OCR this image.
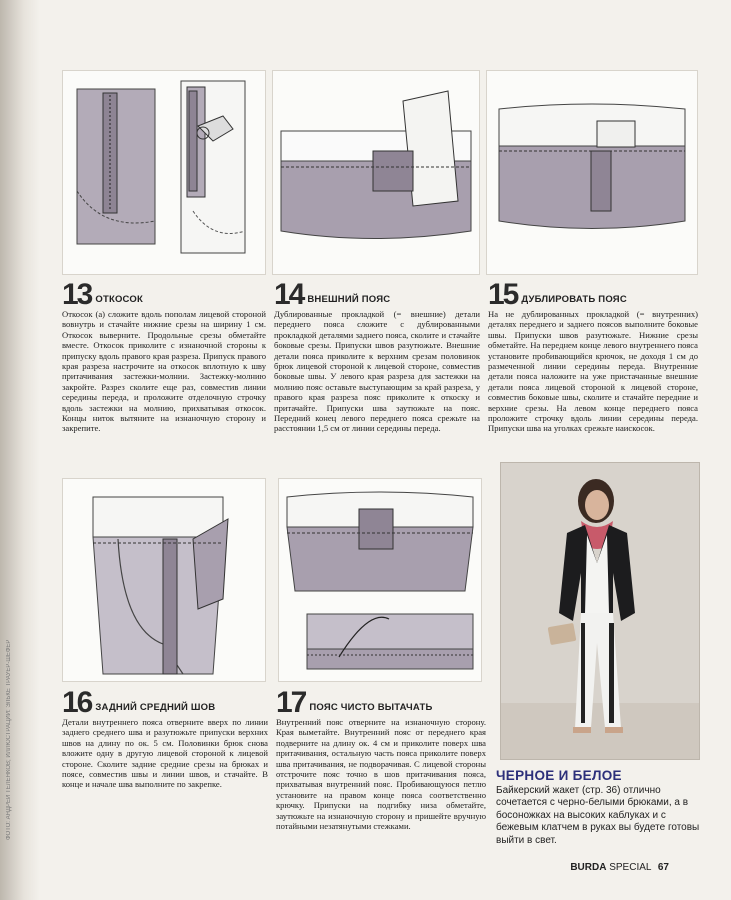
ФОТО: АНДРЕЙ ТЕЛЕНКОВ; ИЛЛЮСТРАЦИИ: ЭЛЬКЕ ТРАУЕР-ШЕФЕР
13 ОТКОСОК
Откосок (а) сложите вдоль пополам лицевой стороной вовнутрь и стачайте нижние срезы на ширину 1 см. Откосок выверните. Продольные срезы обметайте вместе. Откосок приколите с изнаночной стороны к припуску вдоль правого края разреза. Припуск правого края разреза настрочите на откосок вплотную к шву притачивания застежки-молнии. Застежку-молнию закройте. Разрез сколите еще раз, совместив линии середины переда, и проложите отделочную строчку вдоль застежки на молнию, прихватывая откосок. Концы ниток вытяните на изнаночную сторону и закрепите.
14 ВНЕШНИЙ ПОЯС
Дублированные прокладкой (= внешние) детали переднего пояса сложите с дублированными прокладкой деталями заднего пояса, сколите и стачайте боковые срезы. Припуски швов разутюжьте. Внешние детали пояса приколите к верхним срезам половинок брюк лицевой стороной к лицевой стороне, совместив боковые швы. У левого края разреза для застежки на молнию пояс оставьте выступающим за край разреза, у правого края разреза пояс приколите к откоску и притачайте. Припуски шва заутюжьте на пояс. Передний конец левого переднего пояса срежьте на расстоянии 1,5 см от линии середины переда.
15 ДУБЛИРОВАТЬ ПОЯС
На не дублированных прокладкой (= внутренних) деталях переднего и заднего поясов выполните боковые швы. Припуски швов разутюжьте. Нижние срезы обметайте. На переднем конце левого внутреннего пояса установите пробивающийся крючок, не доходя 1 см до размеченной линии середины переда. Внутренние детали пояса наложите на уже пристачанные внешние детали пояса лицевой стороной к лицевой стороне, совместив боковые швы, сколите и стачайте передние и верхние срезы. На левом конце переднего пояса проложите строчку вдоль линии середины переда. Припуски шва на уголках срежьте наискосок.
16 ЗАДНИЙ СРЕДНИЙ ШОВ
Детали внутреннего пояса отверните вверх по линии заднего среднего шва и разутюжьте припуски верхних швов на длину по ок. 5 см. Половинки брюк снова вложите одну в другую лицевой стороной к лицевой стороне. Сколите задние средние срезы на брюках и поясе, совместив швы и линии швов, и стачайте. В конце и начале шва выполните по закрепке.
17 ПОЯС ЧИСТО ВЫТАЧАТЬ
Внутренний пояс отверните на изнаночную сторону. Края выметайте. Внутренний пояс от переднего края подверните на длину ок. 4 см и приколите поверх шва притачивания, остальную часть пояса приколите поверх шва притачивания, не подворачивая. С лицевой стороны отстрочите пояс точно в шов притачивания пояса, прихватывая внутренний пояс. Пробивающуюся петлю установите на правом конце пояса соответственно крючку. Припуски на подгибку низа обметайте, заутюжьте на изнаночную сторону и пришейте вручную потайными незатянутыми стежками.
ЧЕРНОЕ И БЕЛОЕ
Байкерский жакет (стр. 36) отлично сочетается с черно-белыми брюками, а в босоножках на высоких каблуках и с бежевым клатчем в руках вы будете готовы выйти в свет.
BURDA SPECIAL 67
